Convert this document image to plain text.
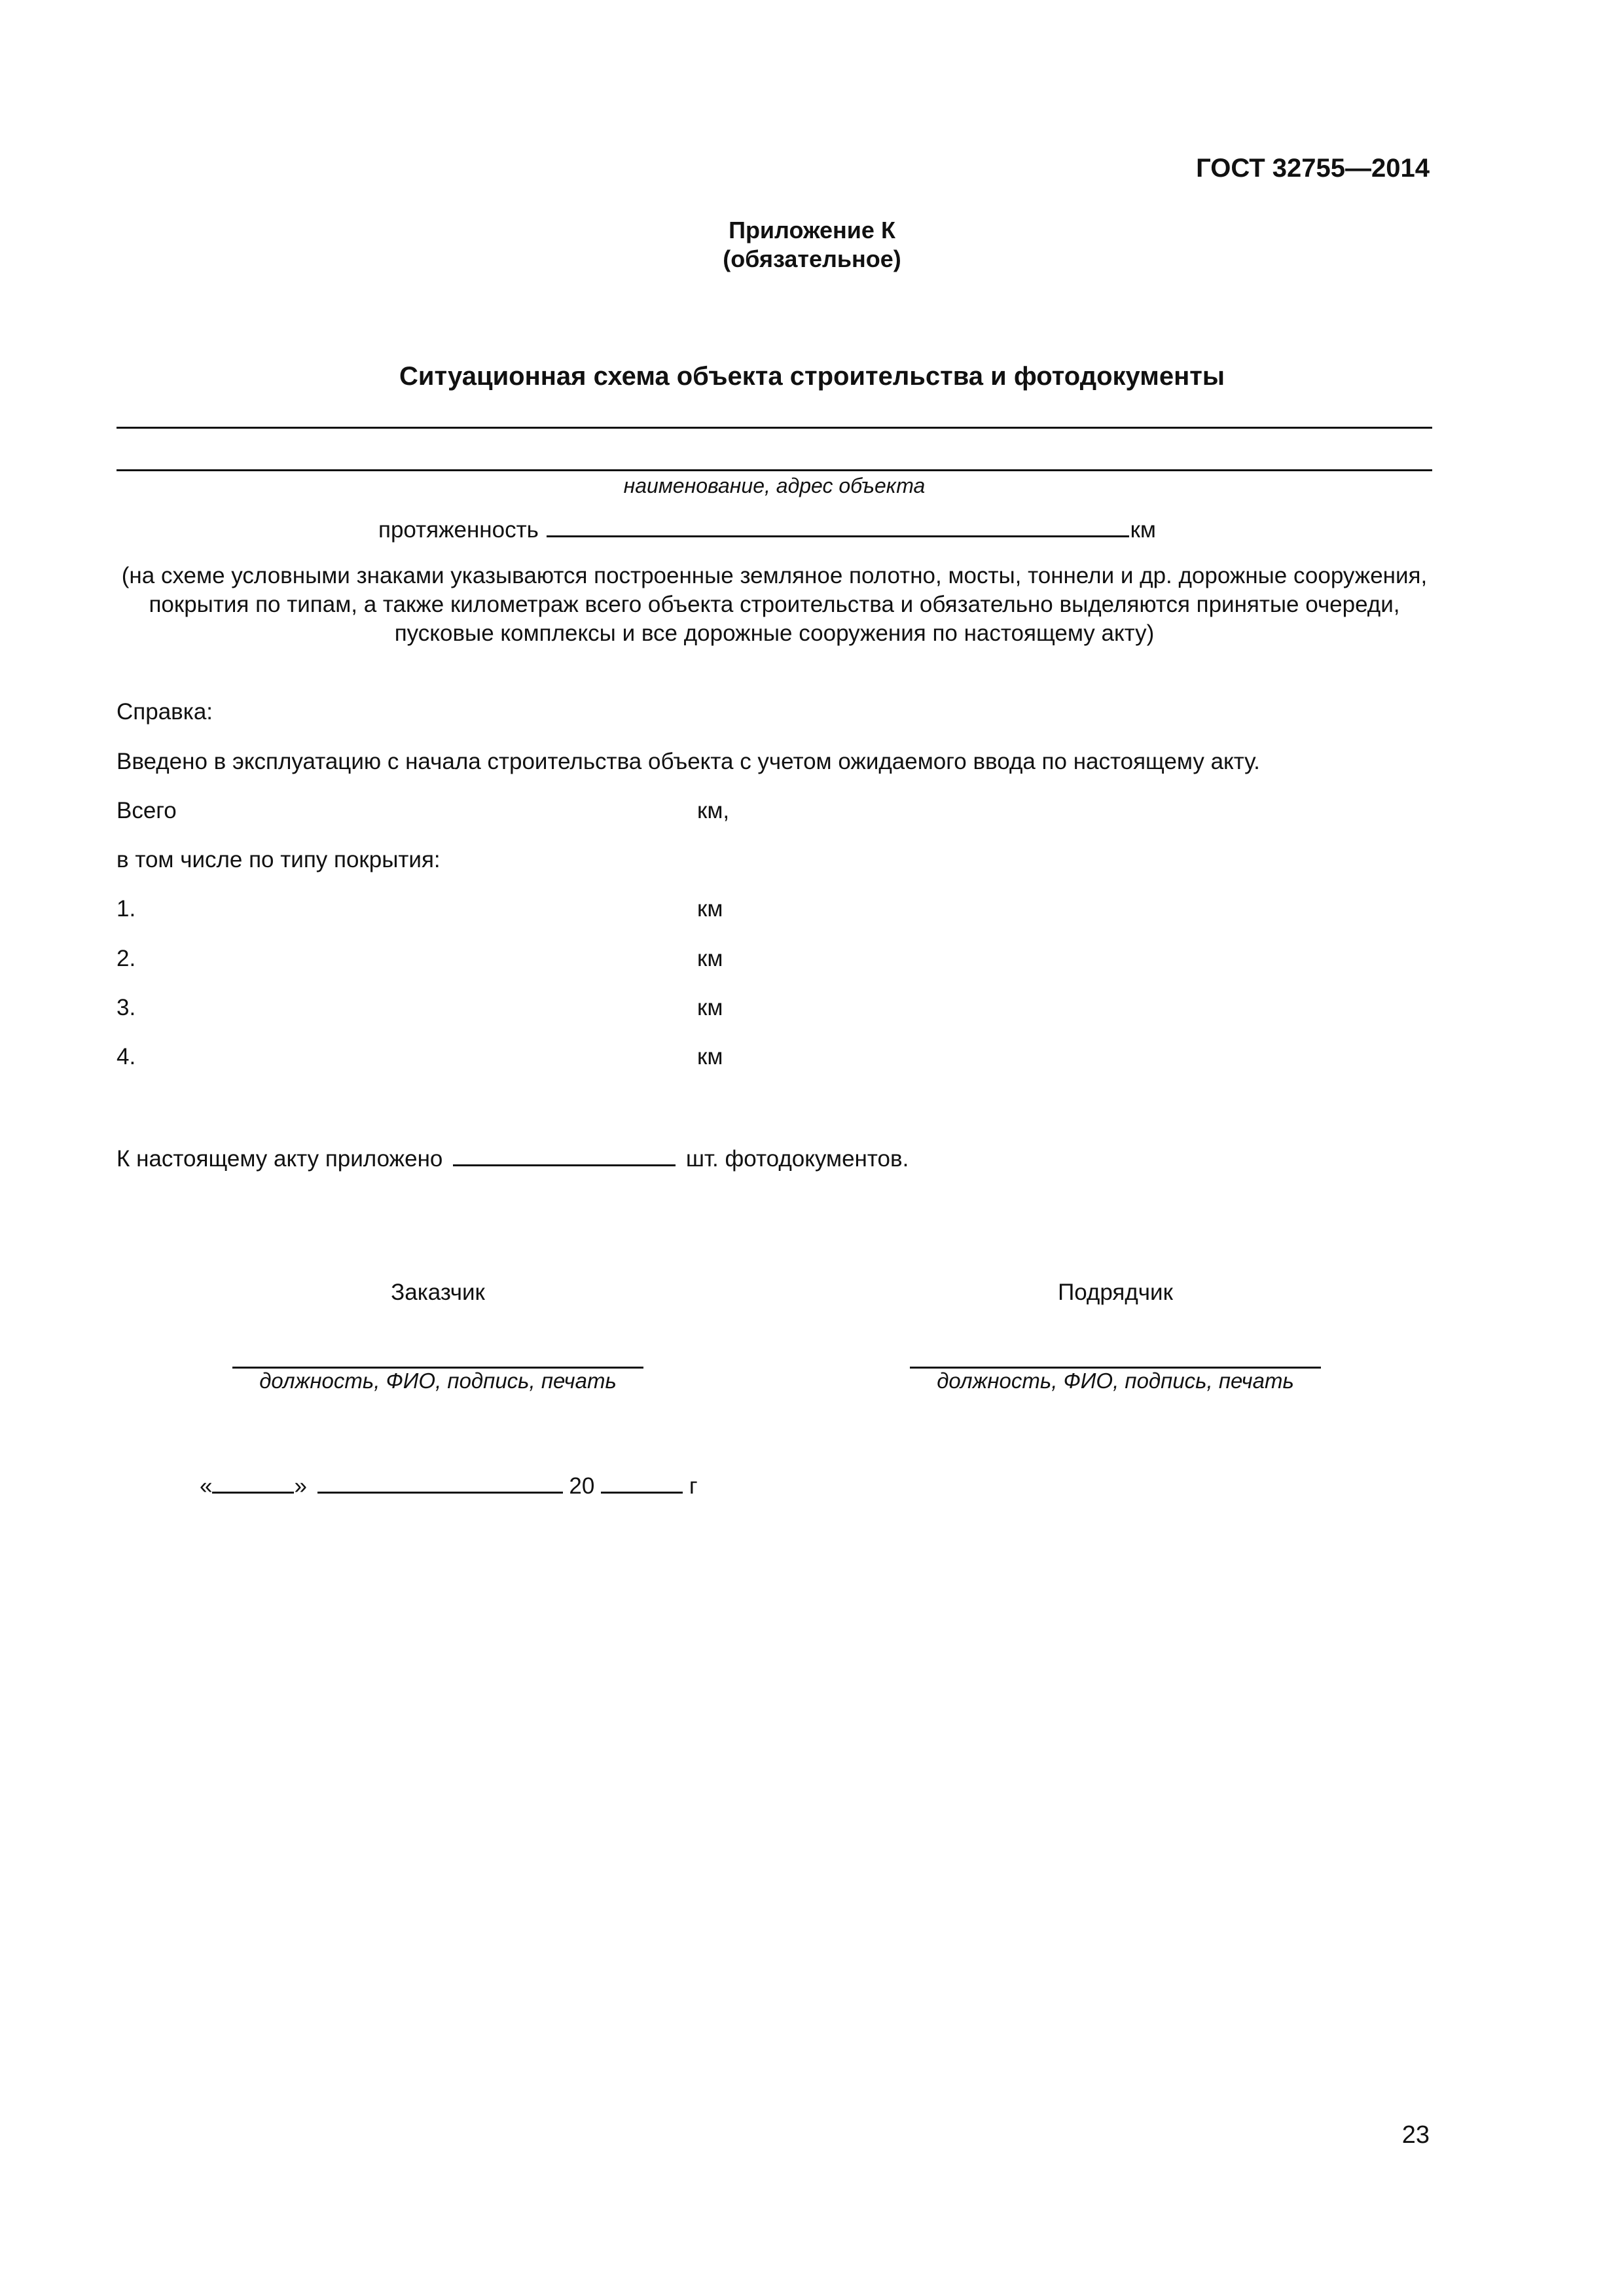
ГОСТ 32755—2014
Приложение К
(обязательное)
Ситуационная схема объекта строительства и фотодокументы
наименование, адрес объекта
протяженность	км
(на схеме условными знаками указываются построенные земляное полотно, мосты, тоннели и др. дорожные сооружения, покрытия по типам, а также километраж всего объекта строительства и обязательно выделяются принятые очереди, пусковые комплексы и все дорожные сооружения по настоящему акту)
Справка:
Введено в эксплуатацию с начала строительства объекта с учетом ожидаемого ввода по настоящему акту.
Всего	км,
в том числе по типу покрытия:
1.	км
2.	км
3.	км
4.	км
К настоящему акту приложено	шт. фотодокументов.
Заказчик	Подрядчик
должность, ФИО, подпись, печать	должность, ФИО, подпись, печать
«	»	20	г
23
